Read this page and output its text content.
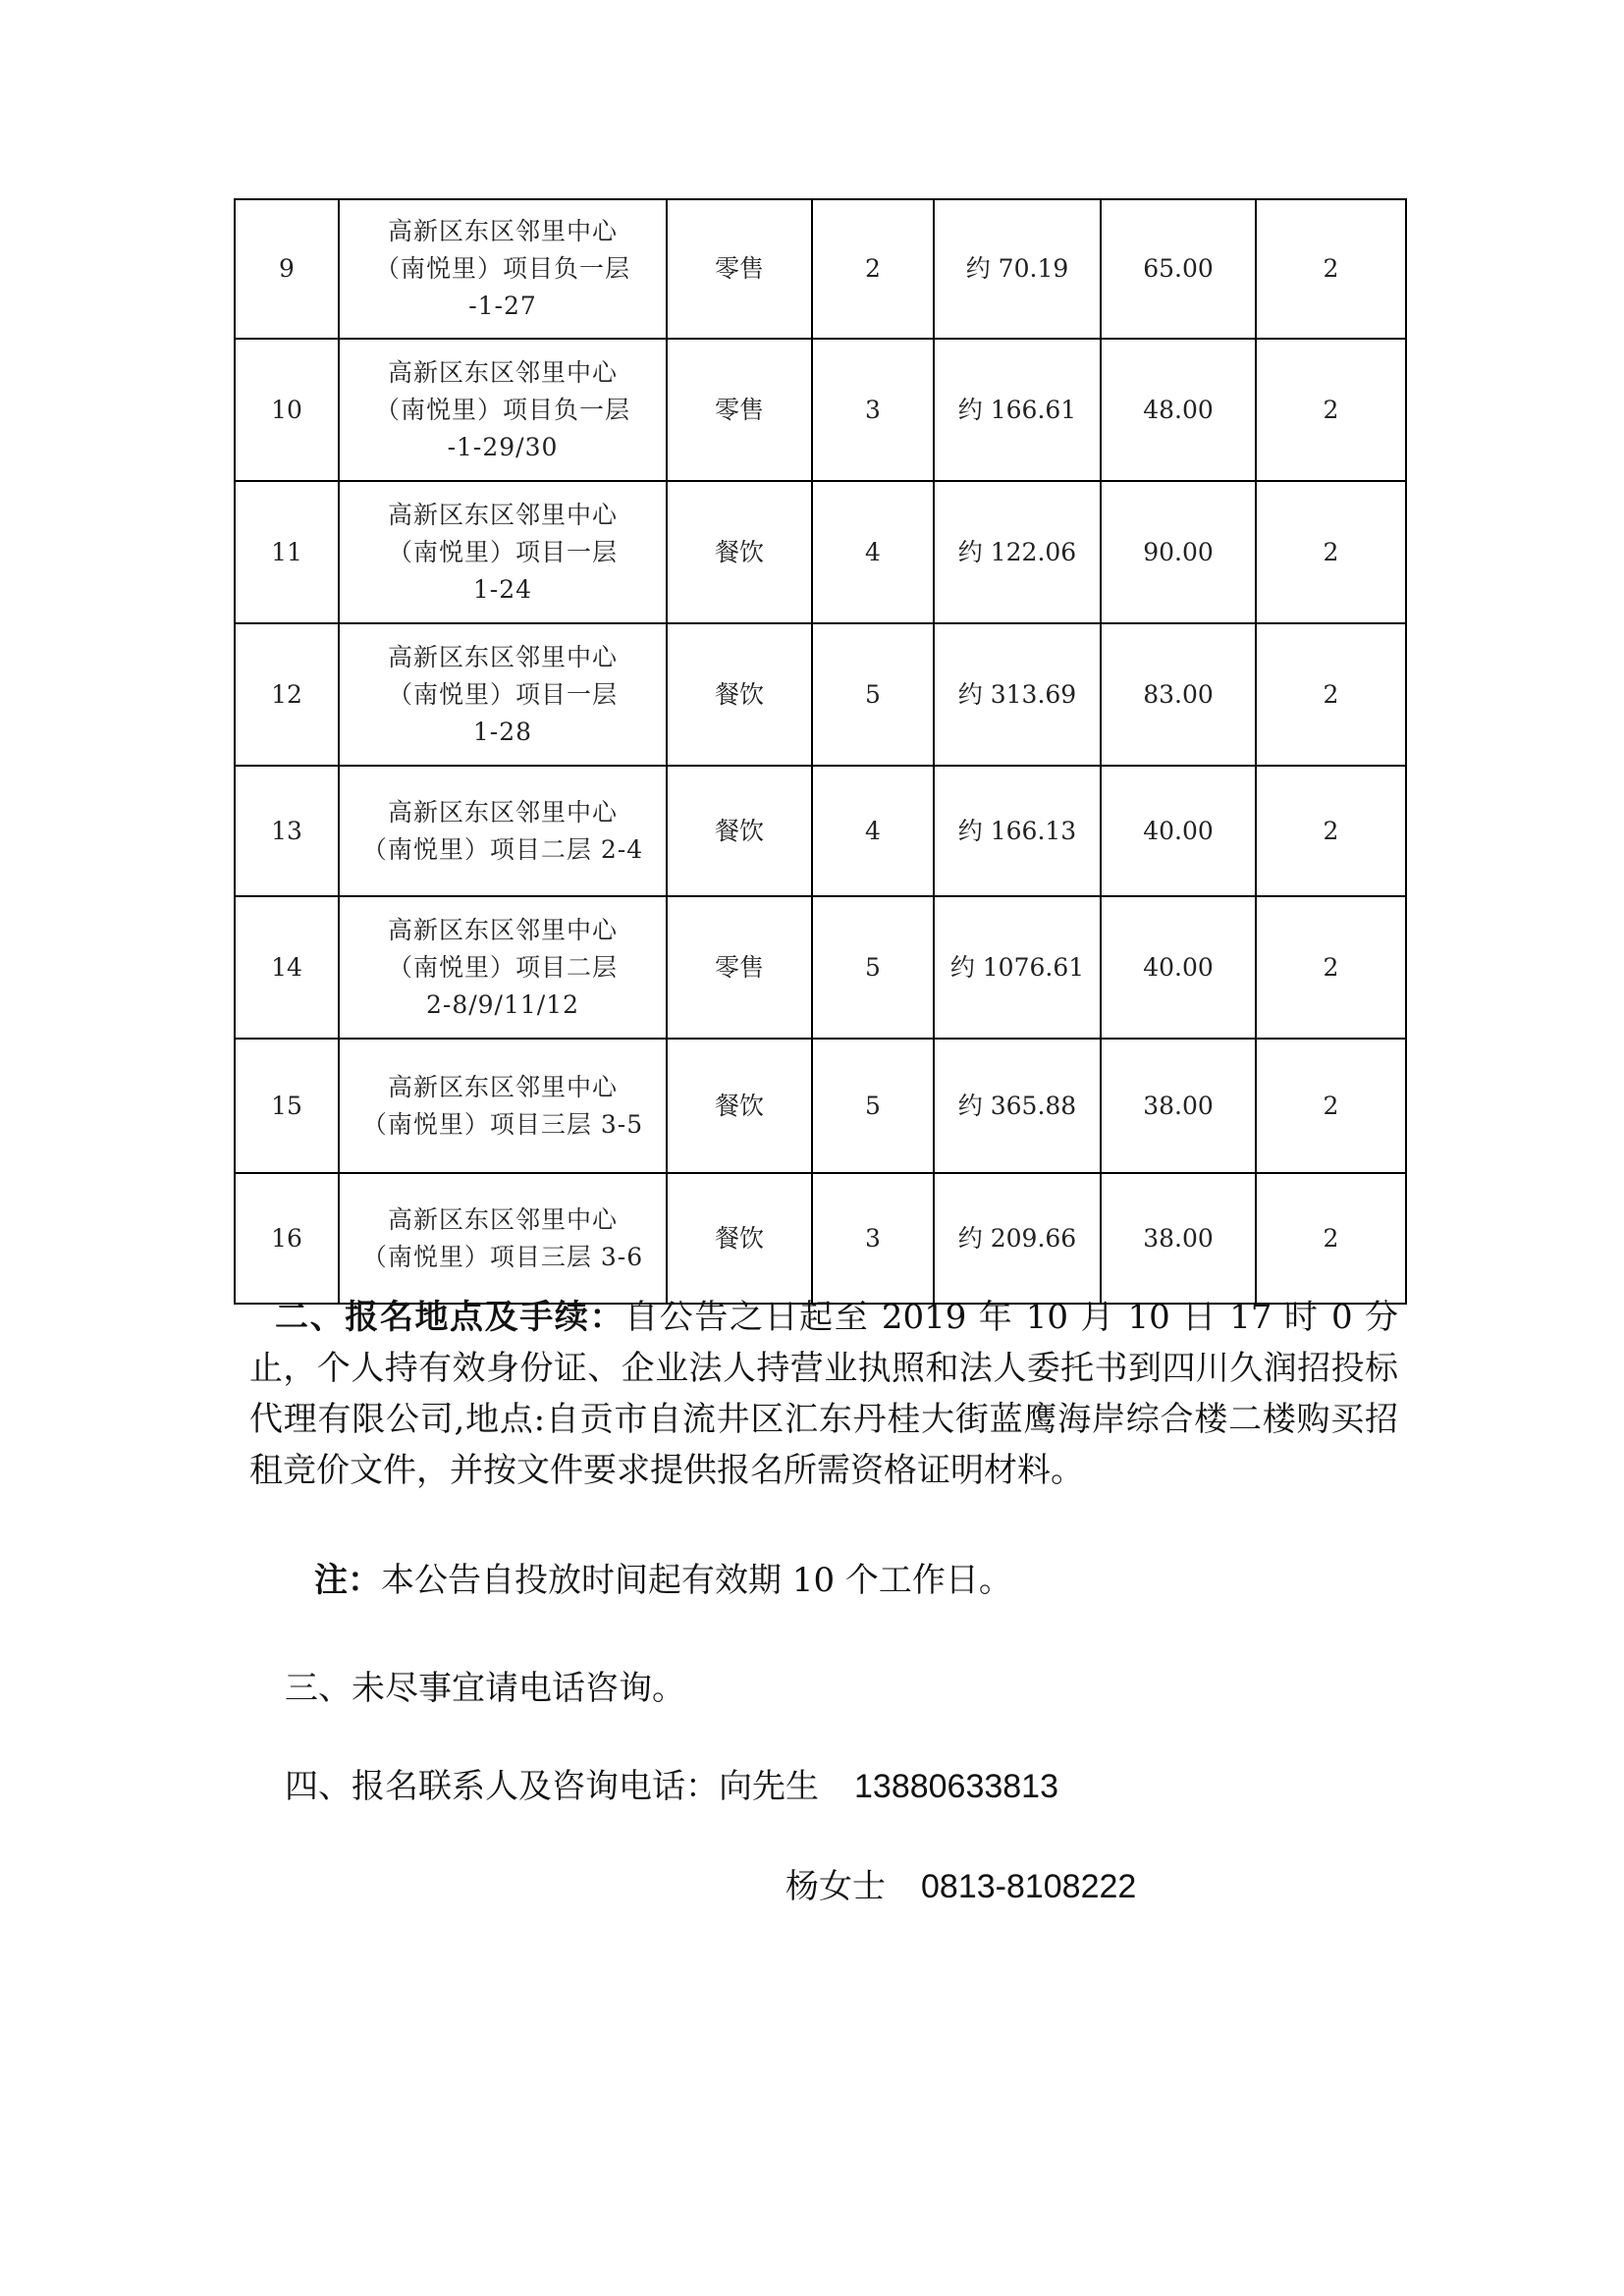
9	高新区东区邻里中心
（南悦里）项目负一层
-1-27	零售	2	约 70.19	65.00	2
10	高新区东区邻里中心
（南悦里）项目负一层
-1-29/30	零售	3	约 166.61	48.00	2
11	高新区东区邻里中心
（南悦里）项目一层
1-24	餐饮	4	约 122.06	90.00	2
12	高新区东区邻里中心
（南悦里）项目一层
1-28	餐饮	5	约 313.69	83.00	2
13	高新区东区邻里中心
（南悦里）项目二层 2-4	餐饮	4	约 166.13	40.00	2
14	高新区东区邻里中心
（南悦里）项目二层
2-8/9/11/12	零售	5	约 1076.61	40.00	2
15	高新区东区邻里中心
（南悦里）项目三层 3-5	餐饮	5	约 365.88	38.00	2
16	高新区东区邻里中心
（南悦里）项目三层 3-6	餐饮	3	约 209.66	38.00	2

二、报名地点及手续：自公告之日起至 2019 年 10 月 10 日 17 时 0 分止，个人持有效身份证、企业法人持营业执照和法人委托书到四川久润招投标代理有限公司,地点:自贡市自流井区汇东丹桂大街蓝鹰海岸综合楼二楼购买招租竞价文件，并按文件要求提供报名所需资格证明材料。

注：本公告自投放时间起有效期 10 个工作日。

三、未尽事宜请电话咨询。

四、报名联系人及咨询电话：向先生 13880633813

杨女士 0813-8108222
